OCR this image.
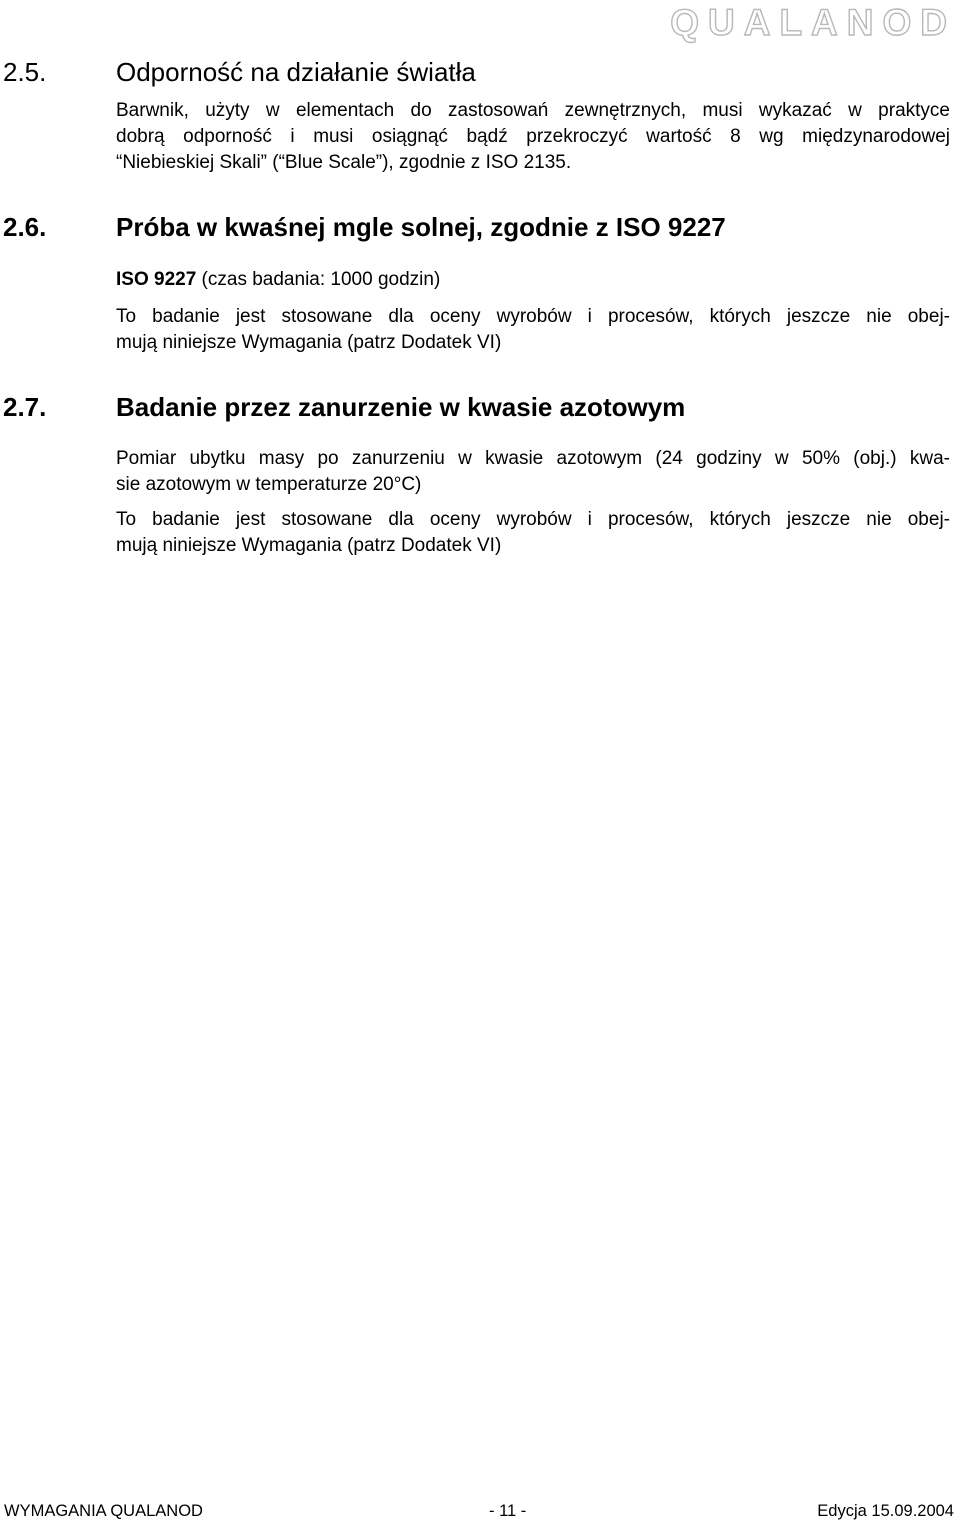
QUALANOD
2.5.	Odporność na działanie światła
Barwnik, użyty w elementach do zastosowań zewnętrznych, musi wykazać w praktyce
dobrą odporność i musi osiągnąć bądź przekroczyć wartość 8 wg międzynarodowej
“Niebieskiej Skali” (“Blue Scale”), zgodnie z ISO 2135.
2.6.	Próba w kwaśnej mgle solnej, zgodnie z ISO 9227
ISO 9227 (czas badania: 1000 godzin)
To badanie jest stosowane dla oceny wyrobów i procesów, których jeszcze nie obej-
mują niniejsze Wymagania (patrz Dodatek VI)
2.7.	Badanie przez zanurzenie w kwasie azotowym
Pomiar ubytku masy po zanurzeniu w kwasie azotowym (24 godziny w 50% (obj.) kwa-
sie azotowym w temperaturze 20°C)
To badanie jest stosowane dla oceny wyrobów i procesów, których jeszcze nie obej-
mują niniejsze Wymagania (patrz Dodatek VI)
WYMAGANIA QUALANOD	- 11 -	Edycja 15.09.2004
